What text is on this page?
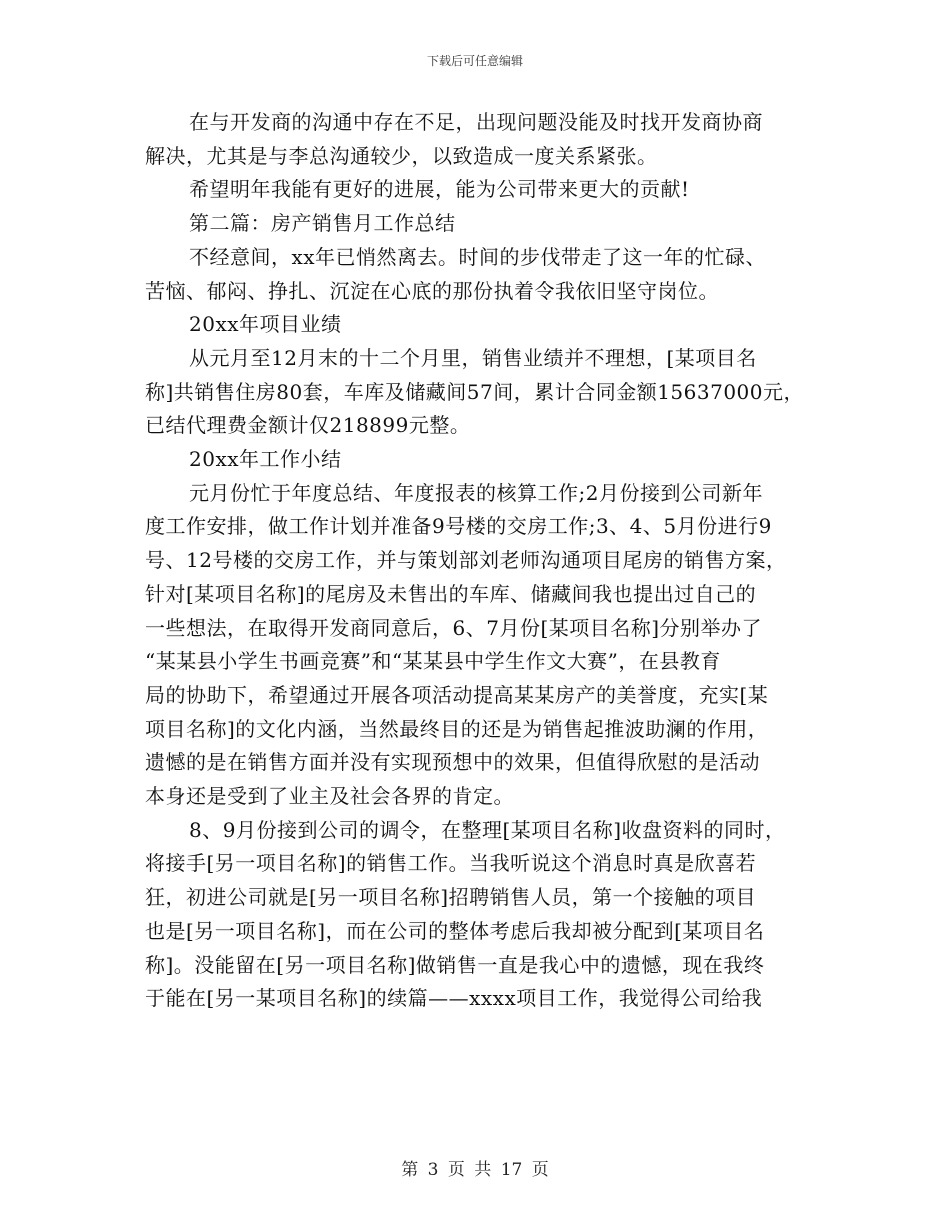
下载后可任意编辑

在与开发商的沟通中存在不足，出现问题没能及时找开发商协商

解决，尤其是与李总沟通较少，以致造成一度关系紧张。

希望明年我能有更好的进展，能为公司带来更大的贡献!

第二篇：房产销售月工作总结

不经意间，xx年已悄然离去。时间的步伐带走了这一年的忙碌、

苦恼、郁闷、挣扎、沉淀在心底的那份执着令我依旧坚守岗位。

20xx年项目业绩

从元月至12月末的十二个月里，销售业绩并不理想，[某项目名

称]共销售住房80套，车库及储藏间57间，累计合同金额15637000元，

已结代理费金额计仅218899元整。

20xx年工作小结

元月份忙于年度总结、年度报表的核算工作;2月份接到公司新年

度工作安排，做工作计划并准备9号楼的交房工作;3、4、5月份进行9

号、12号楼的交房工作，并与策划部刘老师沟通项目尾房的销售方案，

针对[某项目名称]的尾房及未售出的车库、储藏间我也提出过自己的

一些想法，在取得开发商同意后，6、7月份[某项目名称]分别举办了

“某某县小学生书画竞赛”和“某某县中学生作文大赛”，在县教育

局的协助下，希望通过开展各项活动提高某某房产的美誉度，充实[某

项目名称]的文化内涵，当然最终目的还是为销售起推波助澜的作用，

遗憾的是在销售方面并没有实现预想中的效果，但值得欣慰的是活动

本身还是受到了业主及社会各界的肯定。

8、9月份接到公司的调令，在整理[某项目名称]收盘资料的同时，

将接手[另一项目名称]的销售工作。当我听说这个消息时真是欣喜若

狂，初进公司就是[另一项目名称]招聘销售人员，第一个接触的项目

也是[另一项目名称]，而在公司的整体考虑后我却被分配到[某项目名

称]。没能留在[另一项目名称]做销售一直是我心中的遗憾，现在我终

于能在[另一某项目名称]的续篇——xxxx项目工作，我觉得公司给我

第 3 页 共 17 页
